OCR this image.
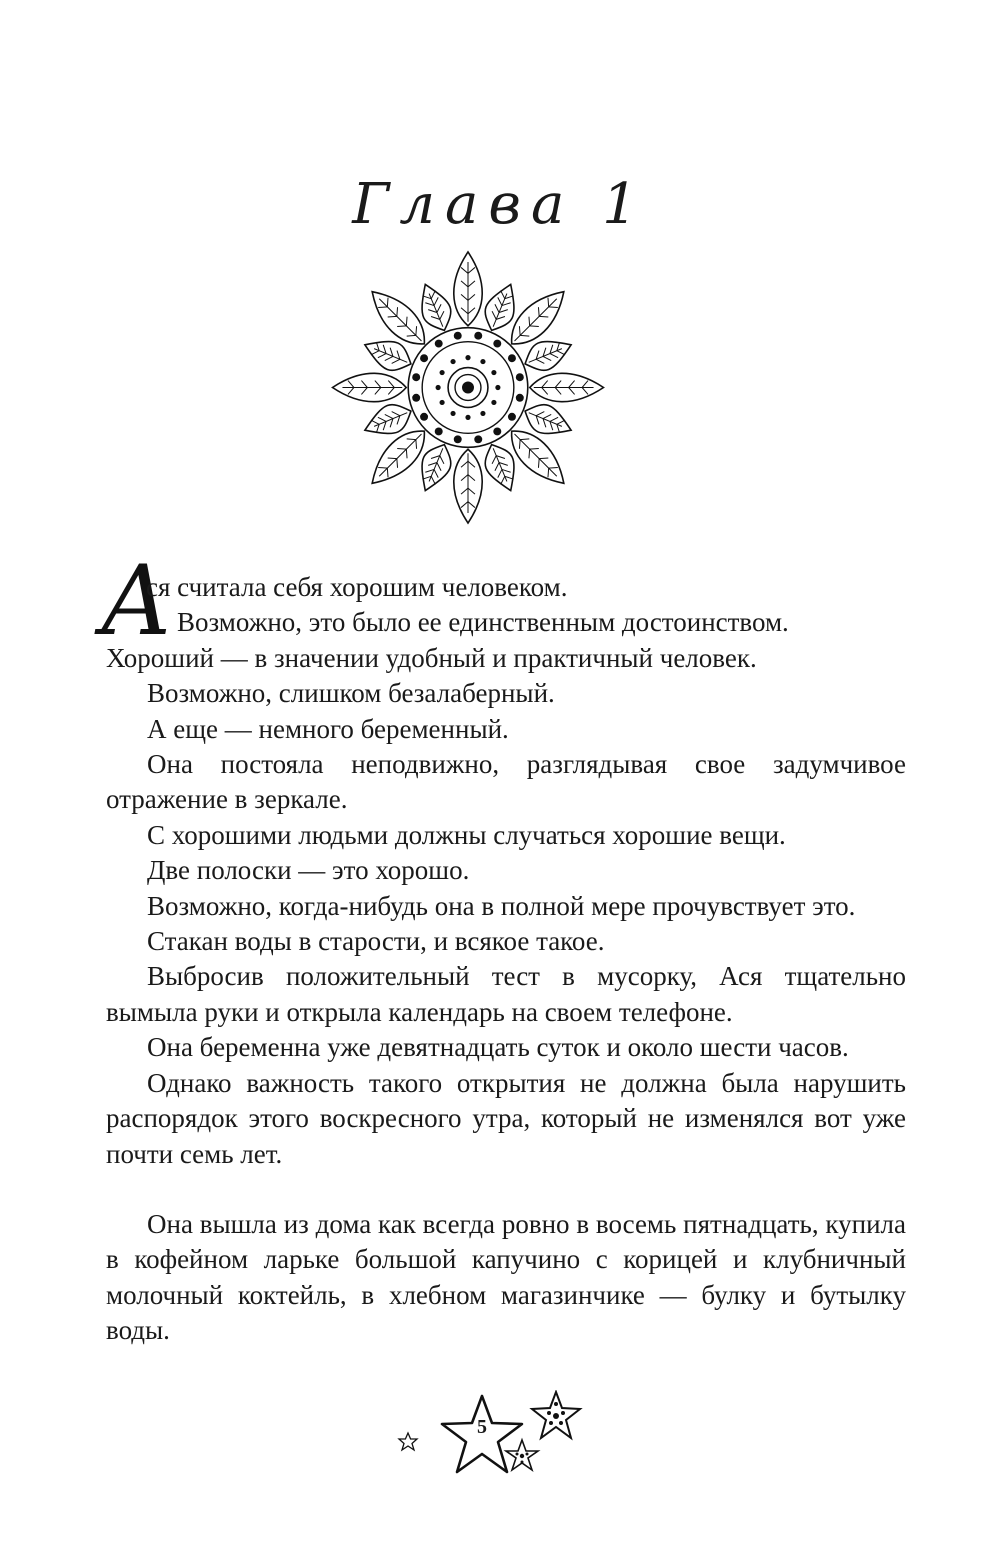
Глава 1
А

ся считала себя хорошим человеком.

Возможно, это было ее единственным достоинством.

Хороший — в значении удобный и практичный человек.

Возможно, слишком безалаберный.

А еще — немного беременный.

Она постояла неподвижно, разглядывая свое задумчивое отражение в зеркале.

С хорошими людьми должны случаться хорошие вещи.

Две полоски — это хорошо.

Возможно, когда-нибудь она в полной мере прочувствует это.

Стакан воды в старости, и всякое такое.

Выбросив положительный тест в мусорку, Ася тщательно вымыла руки и открыла календарь на своем телефоне.

Она беременна уже девятнадцать суток и около шести часов.

Однако важность такого открытия не должна была нарушить распорядок этого воскресного утра, который не изменялся вот уже почти семь лет.

Она вышла из дома как всегда ровно в восемь пятнадцать, купила в кофейном ларьке большой капучино с корицей и клубничный молочный коктейль, в хлебном магазинчике — булку и бутылку воды.

5
